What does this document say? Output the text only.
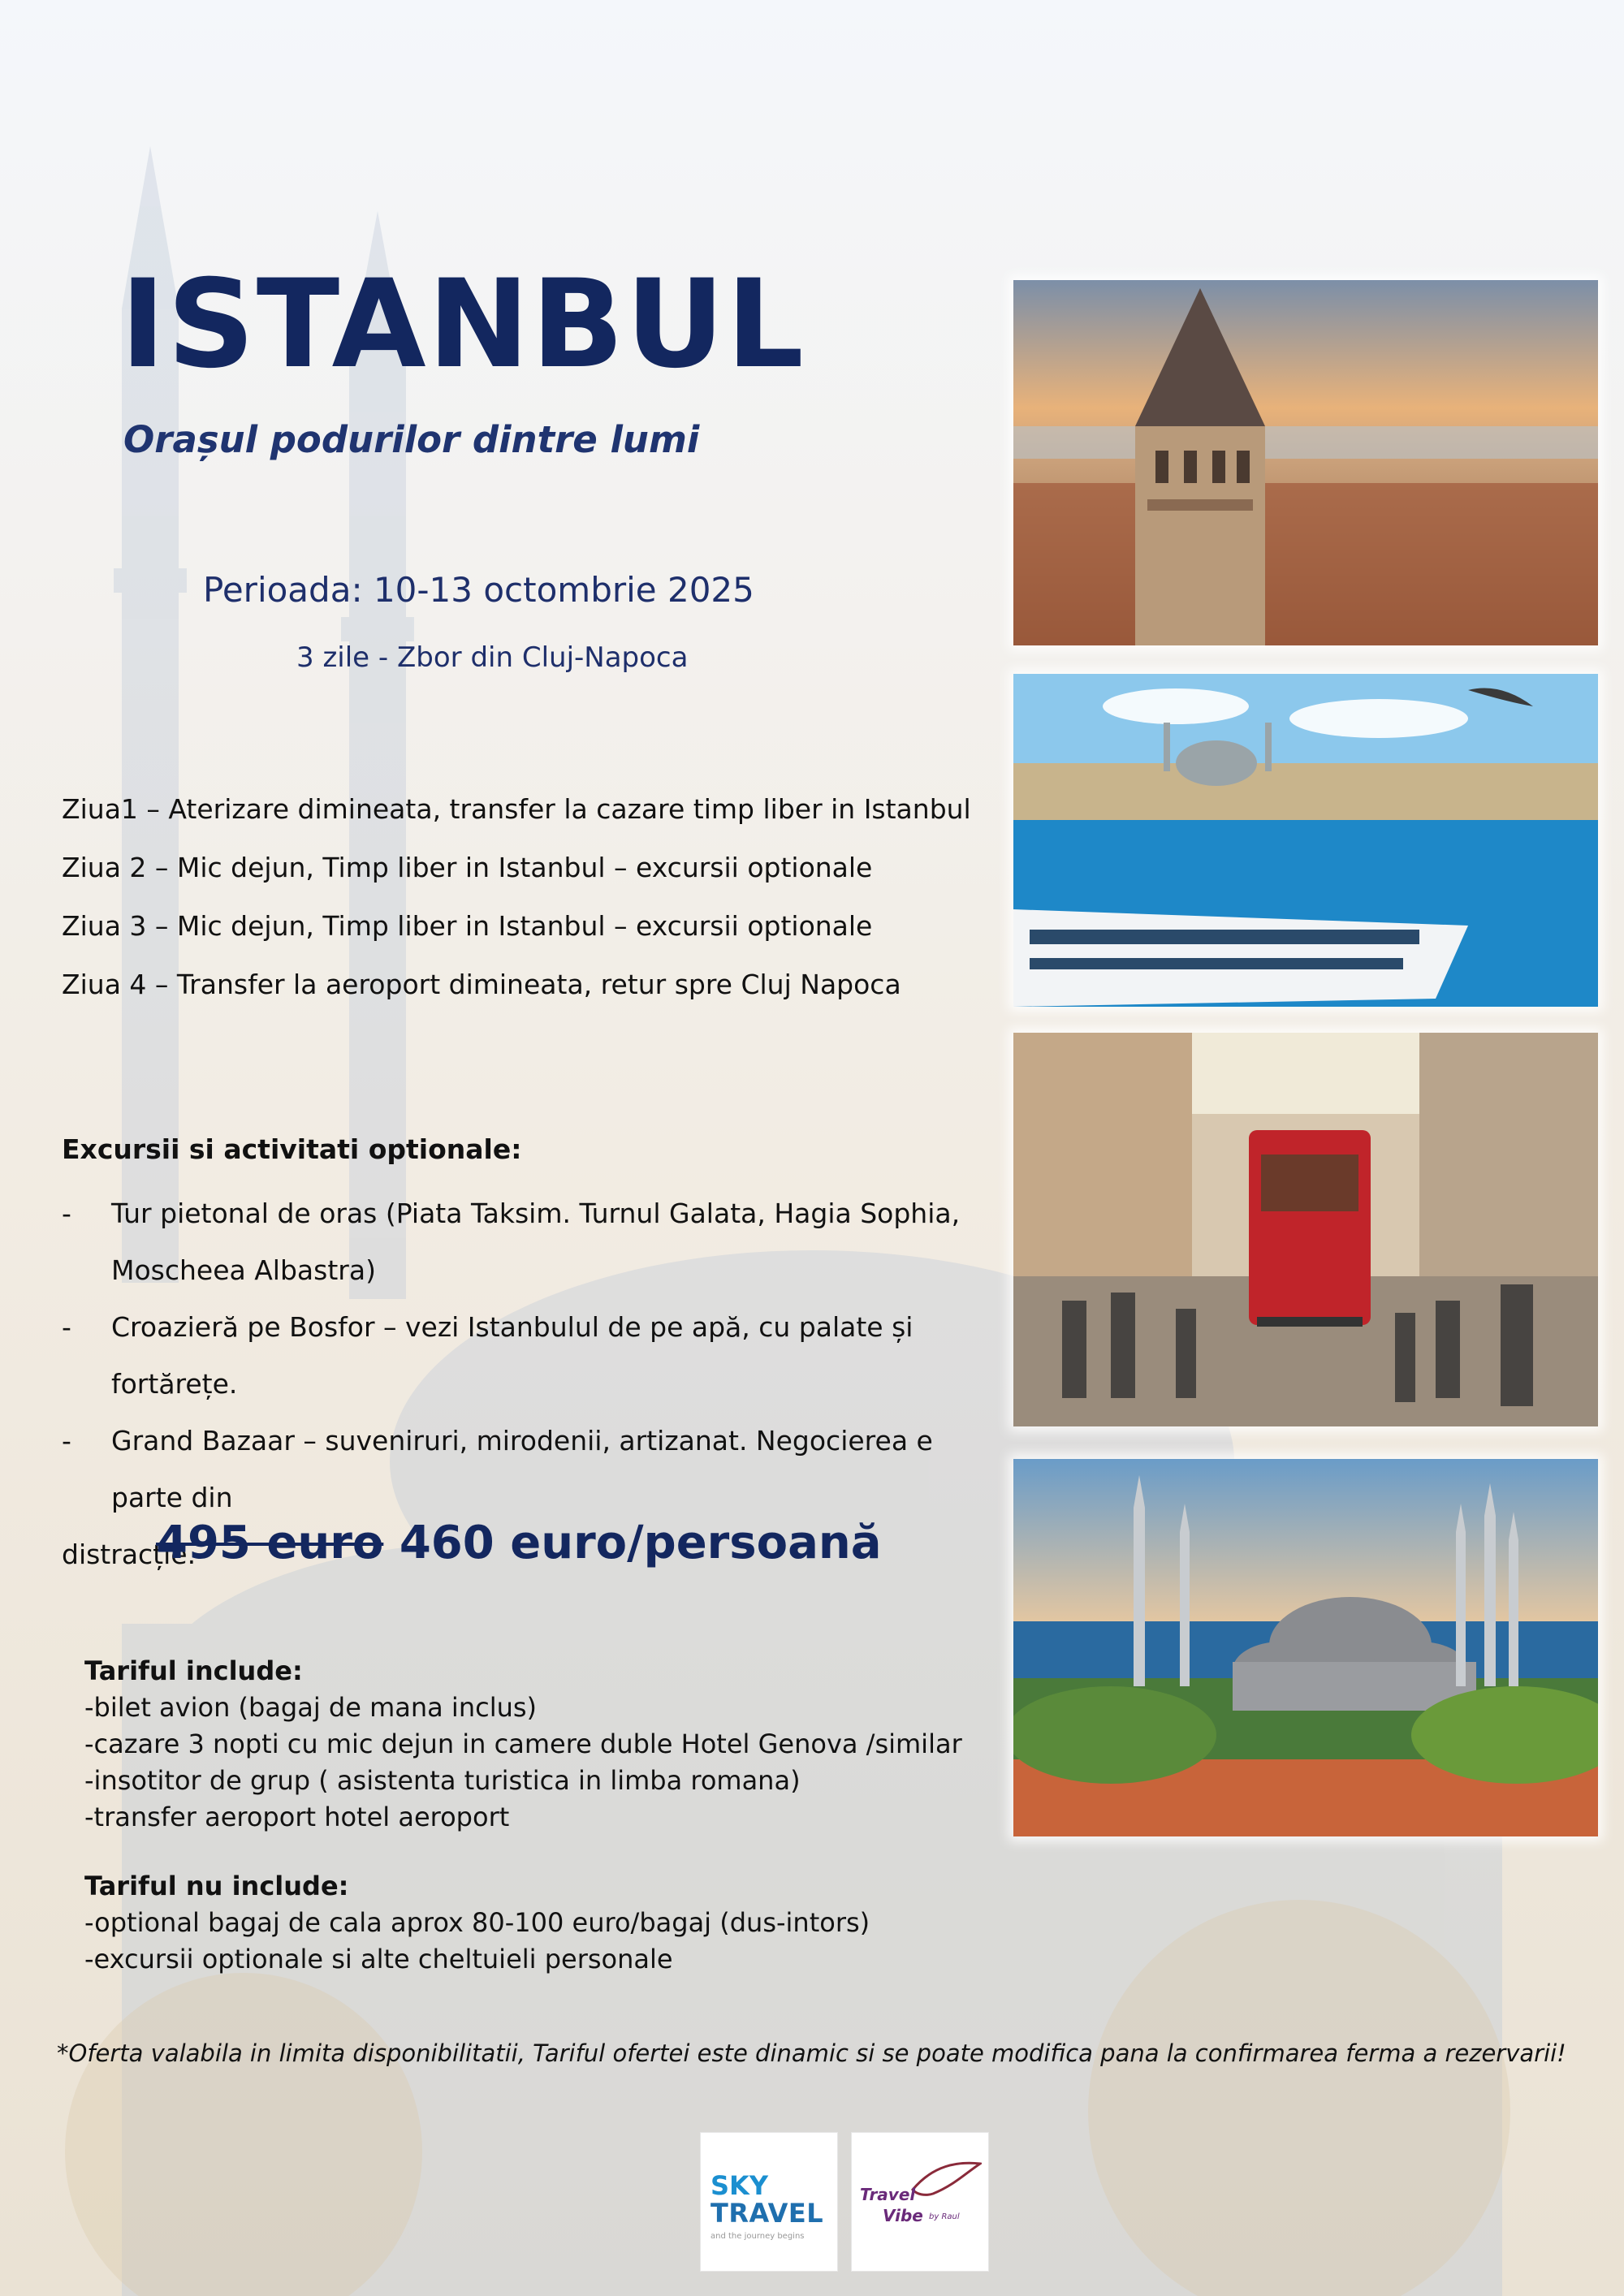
ISTANBUL
Orașul podurilor dintre lumi
Perioada: 10-13 octombrie 2025
3 zile - Zbor din Cluj-Napoca
Ziua1 – Aterizare dimineata, transfer la cazare timp liber in Istanbul
Ziua 2 – Mic dejun, Timp liber in Istanbul – excursii optionale
Ziua 3 – Mic dejun, Timp liber in Istanbul – excursii optionale
Ziua 4 – Transfer la aeroport dimineata, retur spre Cluj Napoca
Excursii si activitati optionale:
- Tur pietonal de oras (Piata Taksim. Turnul Galata, Hagia Sophia,
Moscheea Albastra)
- Croazieră pe Bosfor – vezi Istanbulul de pe apă, cu palate și fortărețe.
- Grand Bazaar – suveniruri, mirodenii, artizanat. Negocierea e parte din
distracție.
495 euro 460 euro/persoană
Tariful include:
-bilet avion (bagaj de mana inclus)
-cazare 3 nopti cu mic dejun in camere duble Hotel Genova /similar
-insotitor de grup ( asistenta turistica in limba romana)
-transfer aeroport hotel aeroport
Tariful nu include:
-optional bagaj de cala aprox 80-100 euro/bagaj (dus-intors)
-excursii optionale si alte cheltuieli personale
*Oferta valabila in limita disponibilitatii, Tariful ofertei este dinamic si se poate modifica pana la confirmarea ferma a rezervarii!
SKY
TRAVEL
and the journey begins
Travel
Vibe by Raul
